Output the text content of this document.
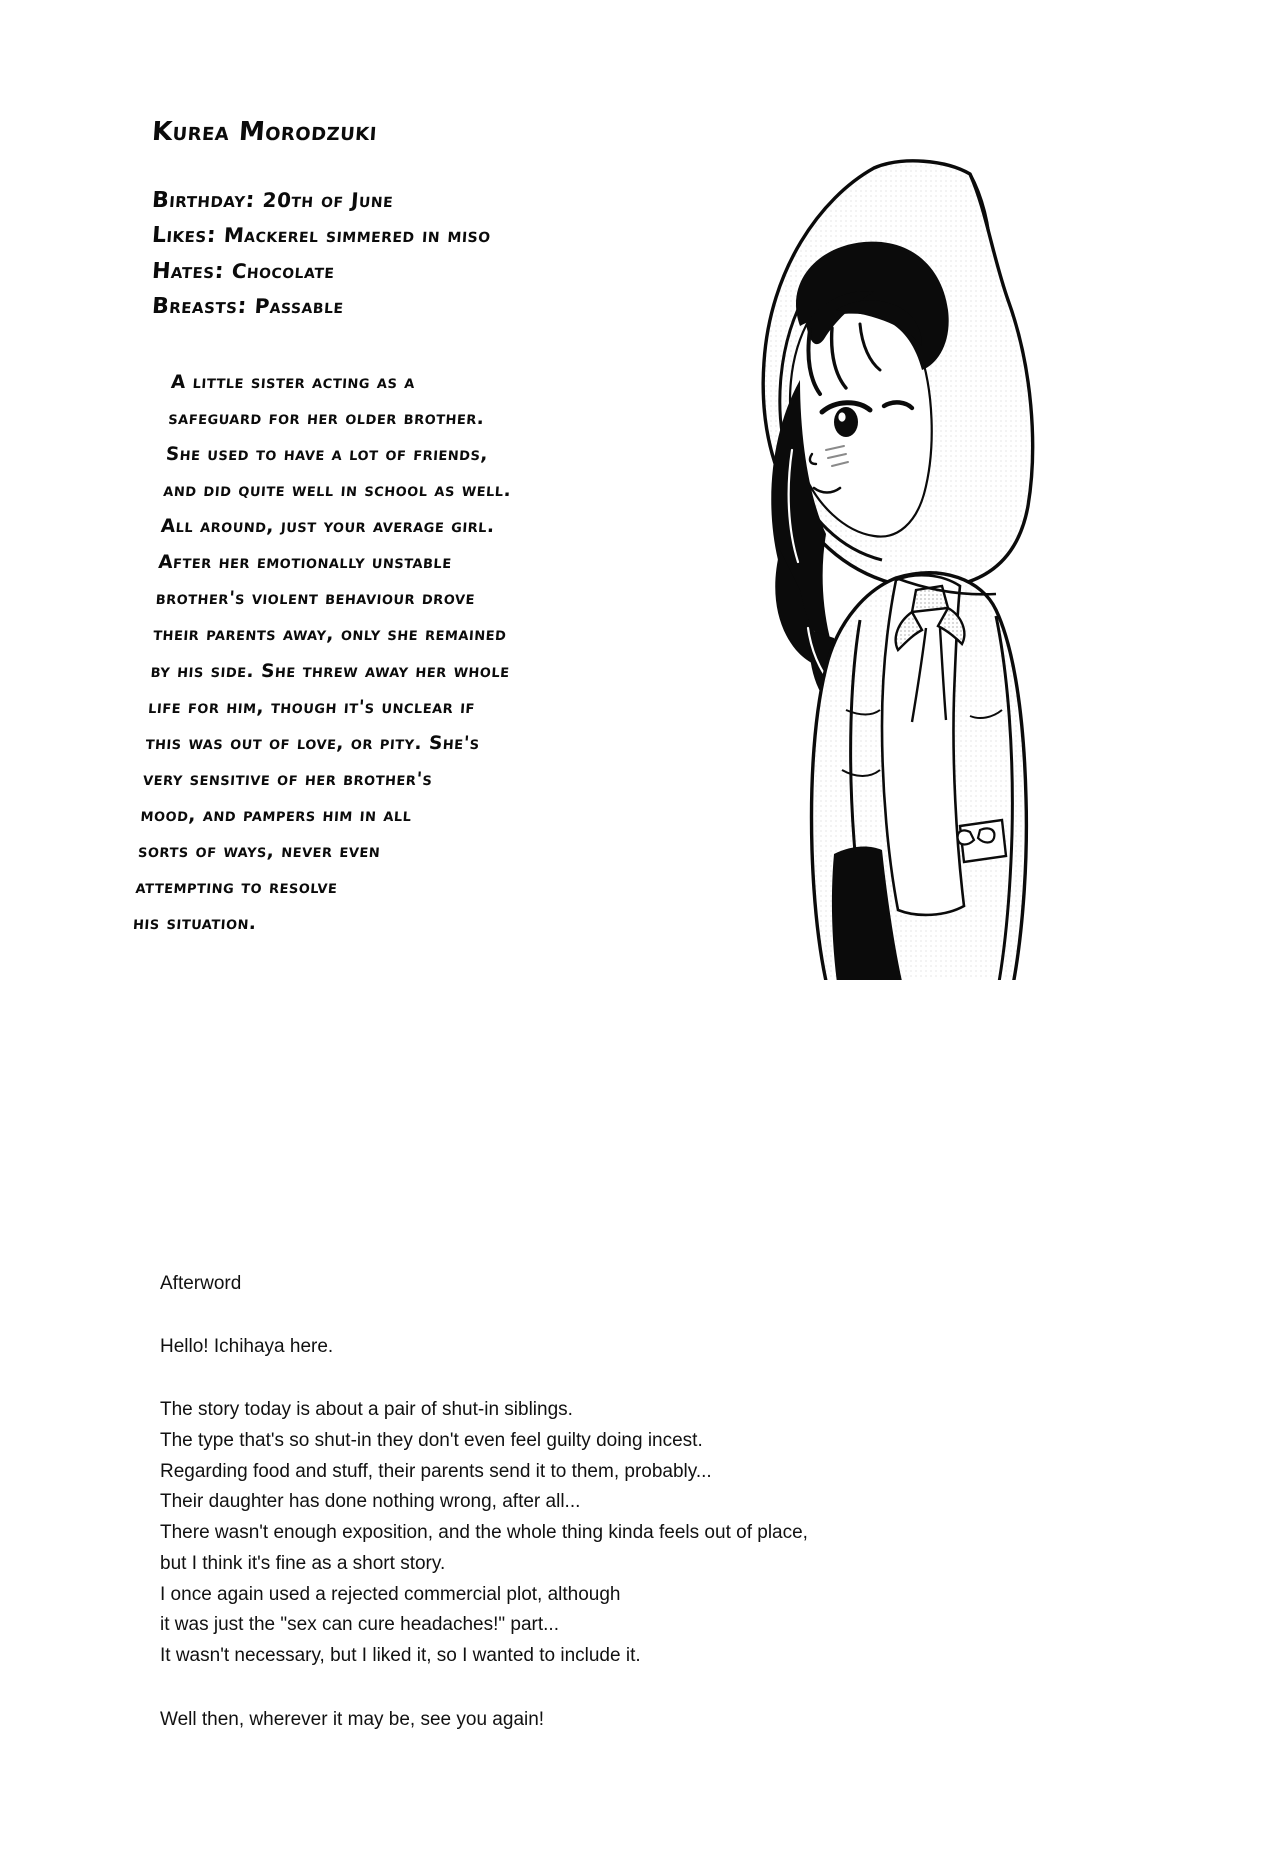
Kurea Morodzuki
Birthday: 20th of June
Likes: Mackerel simmered in miso
Hates: Chocolate
Breasts: Passable
A little sister acting as a
safeguard for her older brother.
She used to have a lot of friends,
and did quite well in school as well.
All around, just your average girl.
After her emotionally unstable
brother's violent behaviour drove
their parents away, only she remained
by his side. She threw away her whole
life for him, though it's unclear if
this was out of love, or pity. She's
very sensitive of her brother's
mood, and pampers him in all
sorts of ways, never even
attempting to resolve
his situation.
Afterword
Hello! Ichihaya here.
The story today is about a pair of shut-in siblings.
The type that's so shut-in they don't even feel guilty doing incest.
Regarding food and stuff, their parents send it to them, probably...
Their daughter has done nothing wrong, after all...
There wasn't enough exposition, and the whole thing kinda feels out of place,
but I think it's fine as a short story.
I once again used a rejected commercial plot, although
it was just the "sex can cure headaches!" part...
It wasn't necessary, but I liked it, so I wanted to include it.
Well then, wherever it may be, see you again!
